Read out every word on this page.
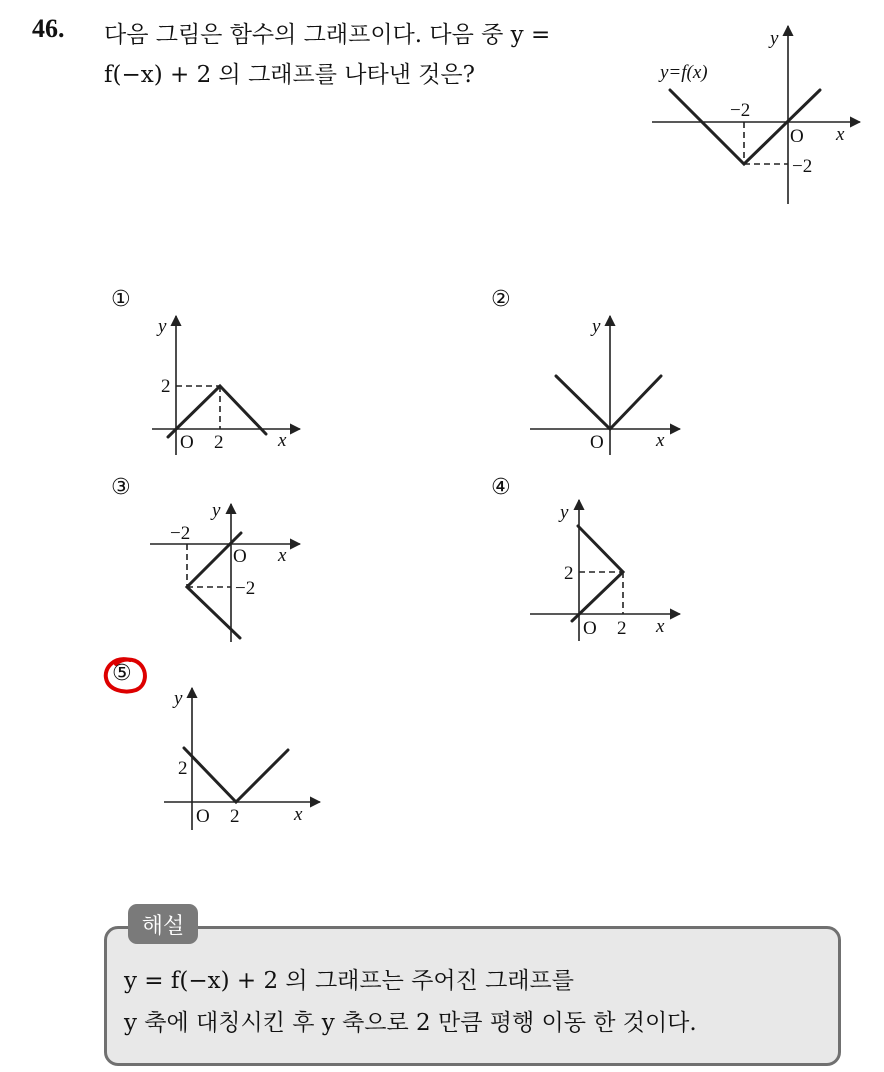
46. 다음 그림은 함수의 그래프이다. 다음 중 y =
f(−x) + 2 의 그래프를 나타낸 것은?	y=f(x)
−2
O x
−2
y
①
2
O 2	x
y
②
O	x
y
③
−2
O x
−2
y
④
2
O 2 x
y
⑤
2
O 2	x
y
해설
y = f(−x) + 2 의 그래프는 주어진 그래프를
y 축에 대칭시킨 후 y 축으로 2 만큼 평행 이동 한 것이다.
